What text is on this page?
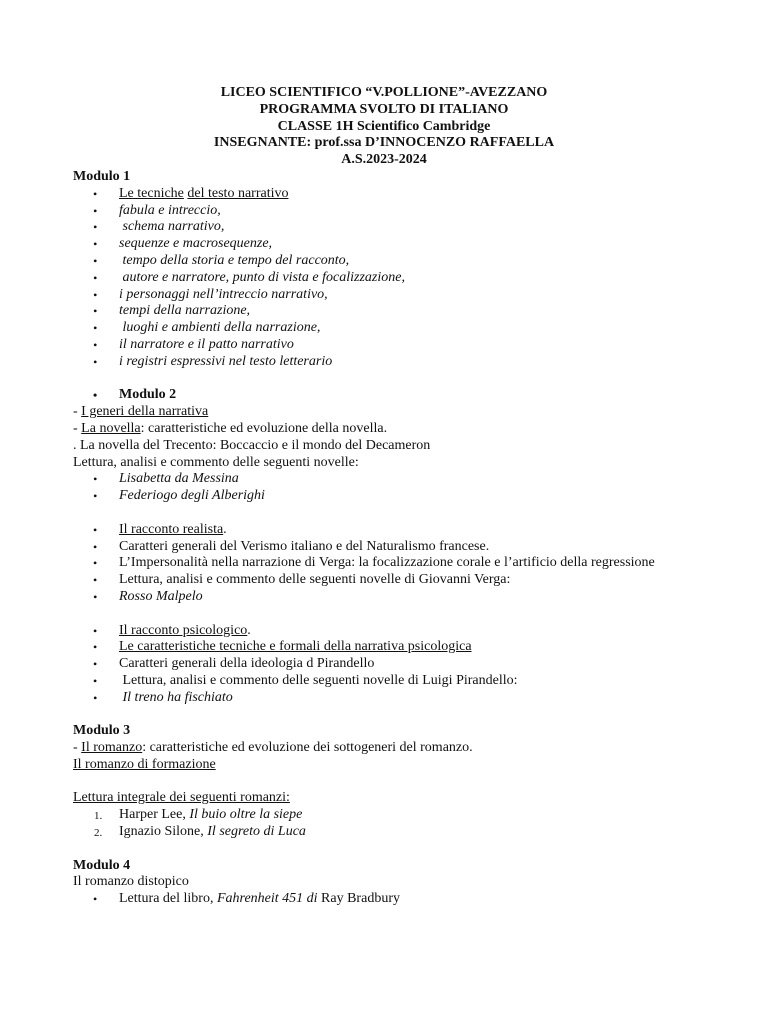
LICEO SCIENTIFICO “V.POLLIONE”-AVEZZANO
PROGRAMMA SVOLTO DI ITALIANO
CLASSE 1H Scientifico Cambridge
INSEGNANTE: prof.ssa D’INNOCENZO RAFFAELLA
A.S.2023-2024
Modulo 1
• Le tecniche del testo narrativo
• fabula e intreccio,
•  schema narrativo,
• sequenze e macrosequenze,
•  tempo della storia e tempo del racconto,
•  autore e narratore, punto di vista e focalizzazione,
• i personaggi nell’intreccio narrativo,
• tempi della narrazione,
•  luoghi e ambienti della narrazione,
• il narratore e il patto narrativo
• i registri espressivi nel testo letterario
• Modulo 2
- I generi della narrativa
- La novella: caratteristiche ed evoluzione della novella.
. La novella del Trecento: Boccaccio e il mondo del Decameron
Lettura, analisi e commento delle seguenti novelle:
• Lisabetta da Messina
• Federiogo degli Alberighi
• Il racconto realista.
• Caratteri generali del Verismo italiano e del Naturalismo francese.
• L’Impersonalità nella narrazione di Verga: la focalizzazione corale e l’artificio della regressione
• Lettura, analisi e commento delle seguenti novelle di Giovanni Verga:
• Rosso Malpelo
• Il racconto psicologico.
• Le caratteristiche tecniche e formali della narrativa psicologica
• Caratteri generali della ideologia d Pirandello
•  Lettura, analisi e commento delle seguenti novelle di Luigi Pirandello:
•  Il treno ha fischiato
Modulo 3
- Il romanzo: caratteristiche ed evoluzione dei sottogeneri del romanzo.
Il romanzo di formazione
Lettura integrale dei seguenti romanzi:
1. Harper Lee, Il buio oltre la siepe
2. Ignazio Silone, Il segreto di Luca
Modulo 4
Il romanzo distopico
• Lettura del libro, Fahrenheit 451 di Ray Bradbury
